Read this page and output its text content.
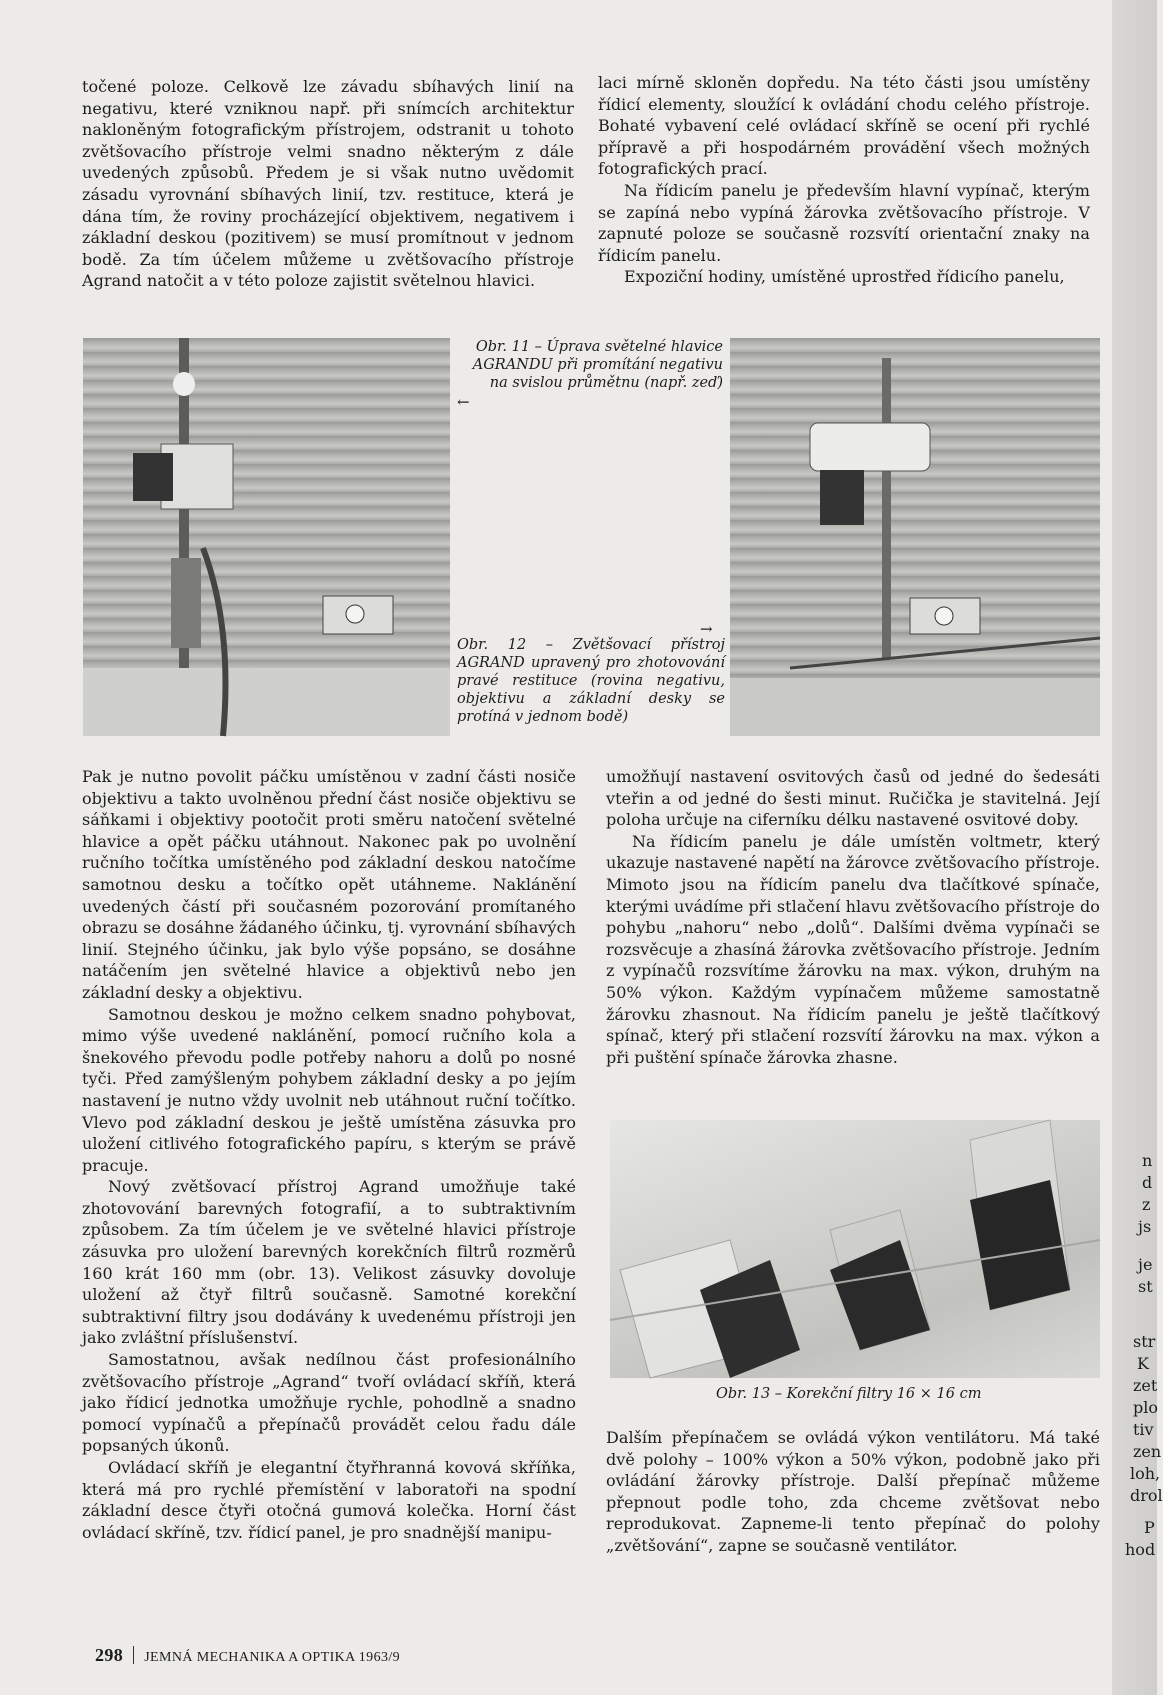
točené poloze. Celkově lze závadu sbíhavých linií na negativu, které vzniknou např. při snímcích architektur nakloněným fotografickým přístrojem, odstranit u tohoto zvětšovacího přístroje velmi snadno některým z dále uvedených způsobů. Předem je si však nutno uvědomit zásadu vyrovnání sbíhavých linií, tzv. restituce, která je dána tím, že roviny procházející objektivem, negativem i základní deskou (pozitivem) se musí promítnout v jednom bodě. Za tím účelem můžeme u zvětšovacího přístroje Agrand natočit a v této poloze zajistit světelnou hlavici.

laci mírně skloněn dopředu. Na této části jsou umístěny řídicí elementy, sloužící k ovládání chodu celého přístroje. Bohaté vybavení celé ovládací skříně se ocení při rychlé přípravě a při hospodárném provádění všech možných fotografických prací.

Na řídicím panelu je především hlavní vypínač, kterým se zapíná nebo vypíná žárovka zvětšovacího přístroje. V zapnuté poloze se současně rozsvítí orientační znaky na řídicím panelu.

Expoziční hodiny, umístěné uprostřed řídicího panelu,

Obr. 11 – Úprava světelné hlavice AGRANDU při promítání negativu na svislou průmětnu (např. zeď)
←
→
Obr. 12 – Zvětšovací přístroj AGRAND upravený pro zhotovování pravé restituce (rovina negativu, objektivu a základní desky se protíná v jednom bodě)

Pak je nutno povolit páčku umístěnou v zadní části nosiče objektivu a takto uvolněnou přední část nosiče objektivu se sáňkami i objektivy pootočit proti směru natočení světelné hlavice a opět páčku utáhnout. Nakonec pak po uvolnění ručního točítka umístěného pod základní deskou natočíme samotnou desku a točítko opět utáhneme. Naklánění uvedených částí při současném pozorování promítaného obrazu se dosáhne žádaného účinku, tj. vyrovnání sbíhavých linií. Stejného účinku, jak bylo výše popsáno, se dosáhne natáčením jen světelné hlavice a objektivů nebo jen základní desky a objektivu.

Samotnou deskou je možno celkem snadno pohybovat, mimo výše uvedené naklánění, pomocí ručního kola a šnekového převodu podle potřeby nahoru a dolů po nosné tyči. Před zamýšleným pohybem základní desky a po jejím nastavení je nutno vždy uvolnit neb utáhnout ruční točítko. Vlevo pod základní deskou je ještě umístěna zásuvka pro uložení citlivého fotografického papíru, s kterým se právě pracuje.

Nový zvětšovací přístroj Agrand umožňuje také zhotovování barevných fotografií, a to subtraktivním způsobem. Za tím účelem je ve světelné hlavici přístroje zásuvka pro uložení barevných korekčních filtrů rozměrů 160 krát 160 mm (obr. 13). Velikost zásuvky dovoluje uložení až čtyř filtrů současně. Samotné korekční subtraktivní filtry jsou dodávány k uvedenému přístroji jen jako zvláštní příslušenství.

Samostatnou, avšak nedílnou část profesionálního zvětšovacího přístroje „Agrand“ tvoří ovládací skříň, která jako řídicí jednotka umožňuje rychle, pohodlně a snadno pomocí vypínačů a přepínačů provádět celou řadu dále popsaných úkonů.

Ovládací skříň je elegantní čtyřhranná kovová skříňka, která má pro rychlé přemístění v laboratoři na spodní základní desce čtyři otočná gumová kolečka. Horní část ovládací skříně, tzv. řídicí panel, je pro snadnější manipu-

umožňují nastavení osvitových časů od jedné do šedesáti vteřin a od jedné do šesti minut. Ručička je stavitelná. Její poloha určuje na ciferníku délku nastavené osvitové doby.

Na řídicím panelu je dále umístěn voltmetr, který ukazuje nastavené napětí na žárovce zvětšovacího přístroje. Mimoto jsou na řídicím panelu dva tlačítkové spínače, kterými uvádíme při stlačení hlavu zvětšovacího přístroje do pohybu „nahoru“ nebo „dolů“. Dalšími dvěma vypínači se rozsvěcuje a zhasíná žárovka zvětšovacího přístroje. Jedním z vypínačů rozsvítíme žárovku na max. výkon, druhým na 50% výkon. Každým vypínačem můžeme samostatně žárovku zhasnout. Na řídicím panelu je ještě tlačítkový spínač, který při stlačení rozsvítí žárovku na max. výkon a při puštění spínače žárovka zhasne.

Obr. 13 – Korekční filtry 16 × 16 cm

Dalším přepínačem se ovládá výkon ventilátoru. Má také dvě polohy – 100% výkon a 50% výkon, podobně jako při ovládání žárovky přístroje. Další přepínač můžeme přepnout podle toho, zda chceme zvětšovat nebo reprodukovat. Zapneme-li tento přepínač do polohy „zvětšování“, zapne se současně ventilátor.

n
d
z
js
je
st
str
K
zet
plo
tiv
zen
loh,
drol
P
hod
298 JEMNÁ MECHANIKA A OPTIKA 1963/9
